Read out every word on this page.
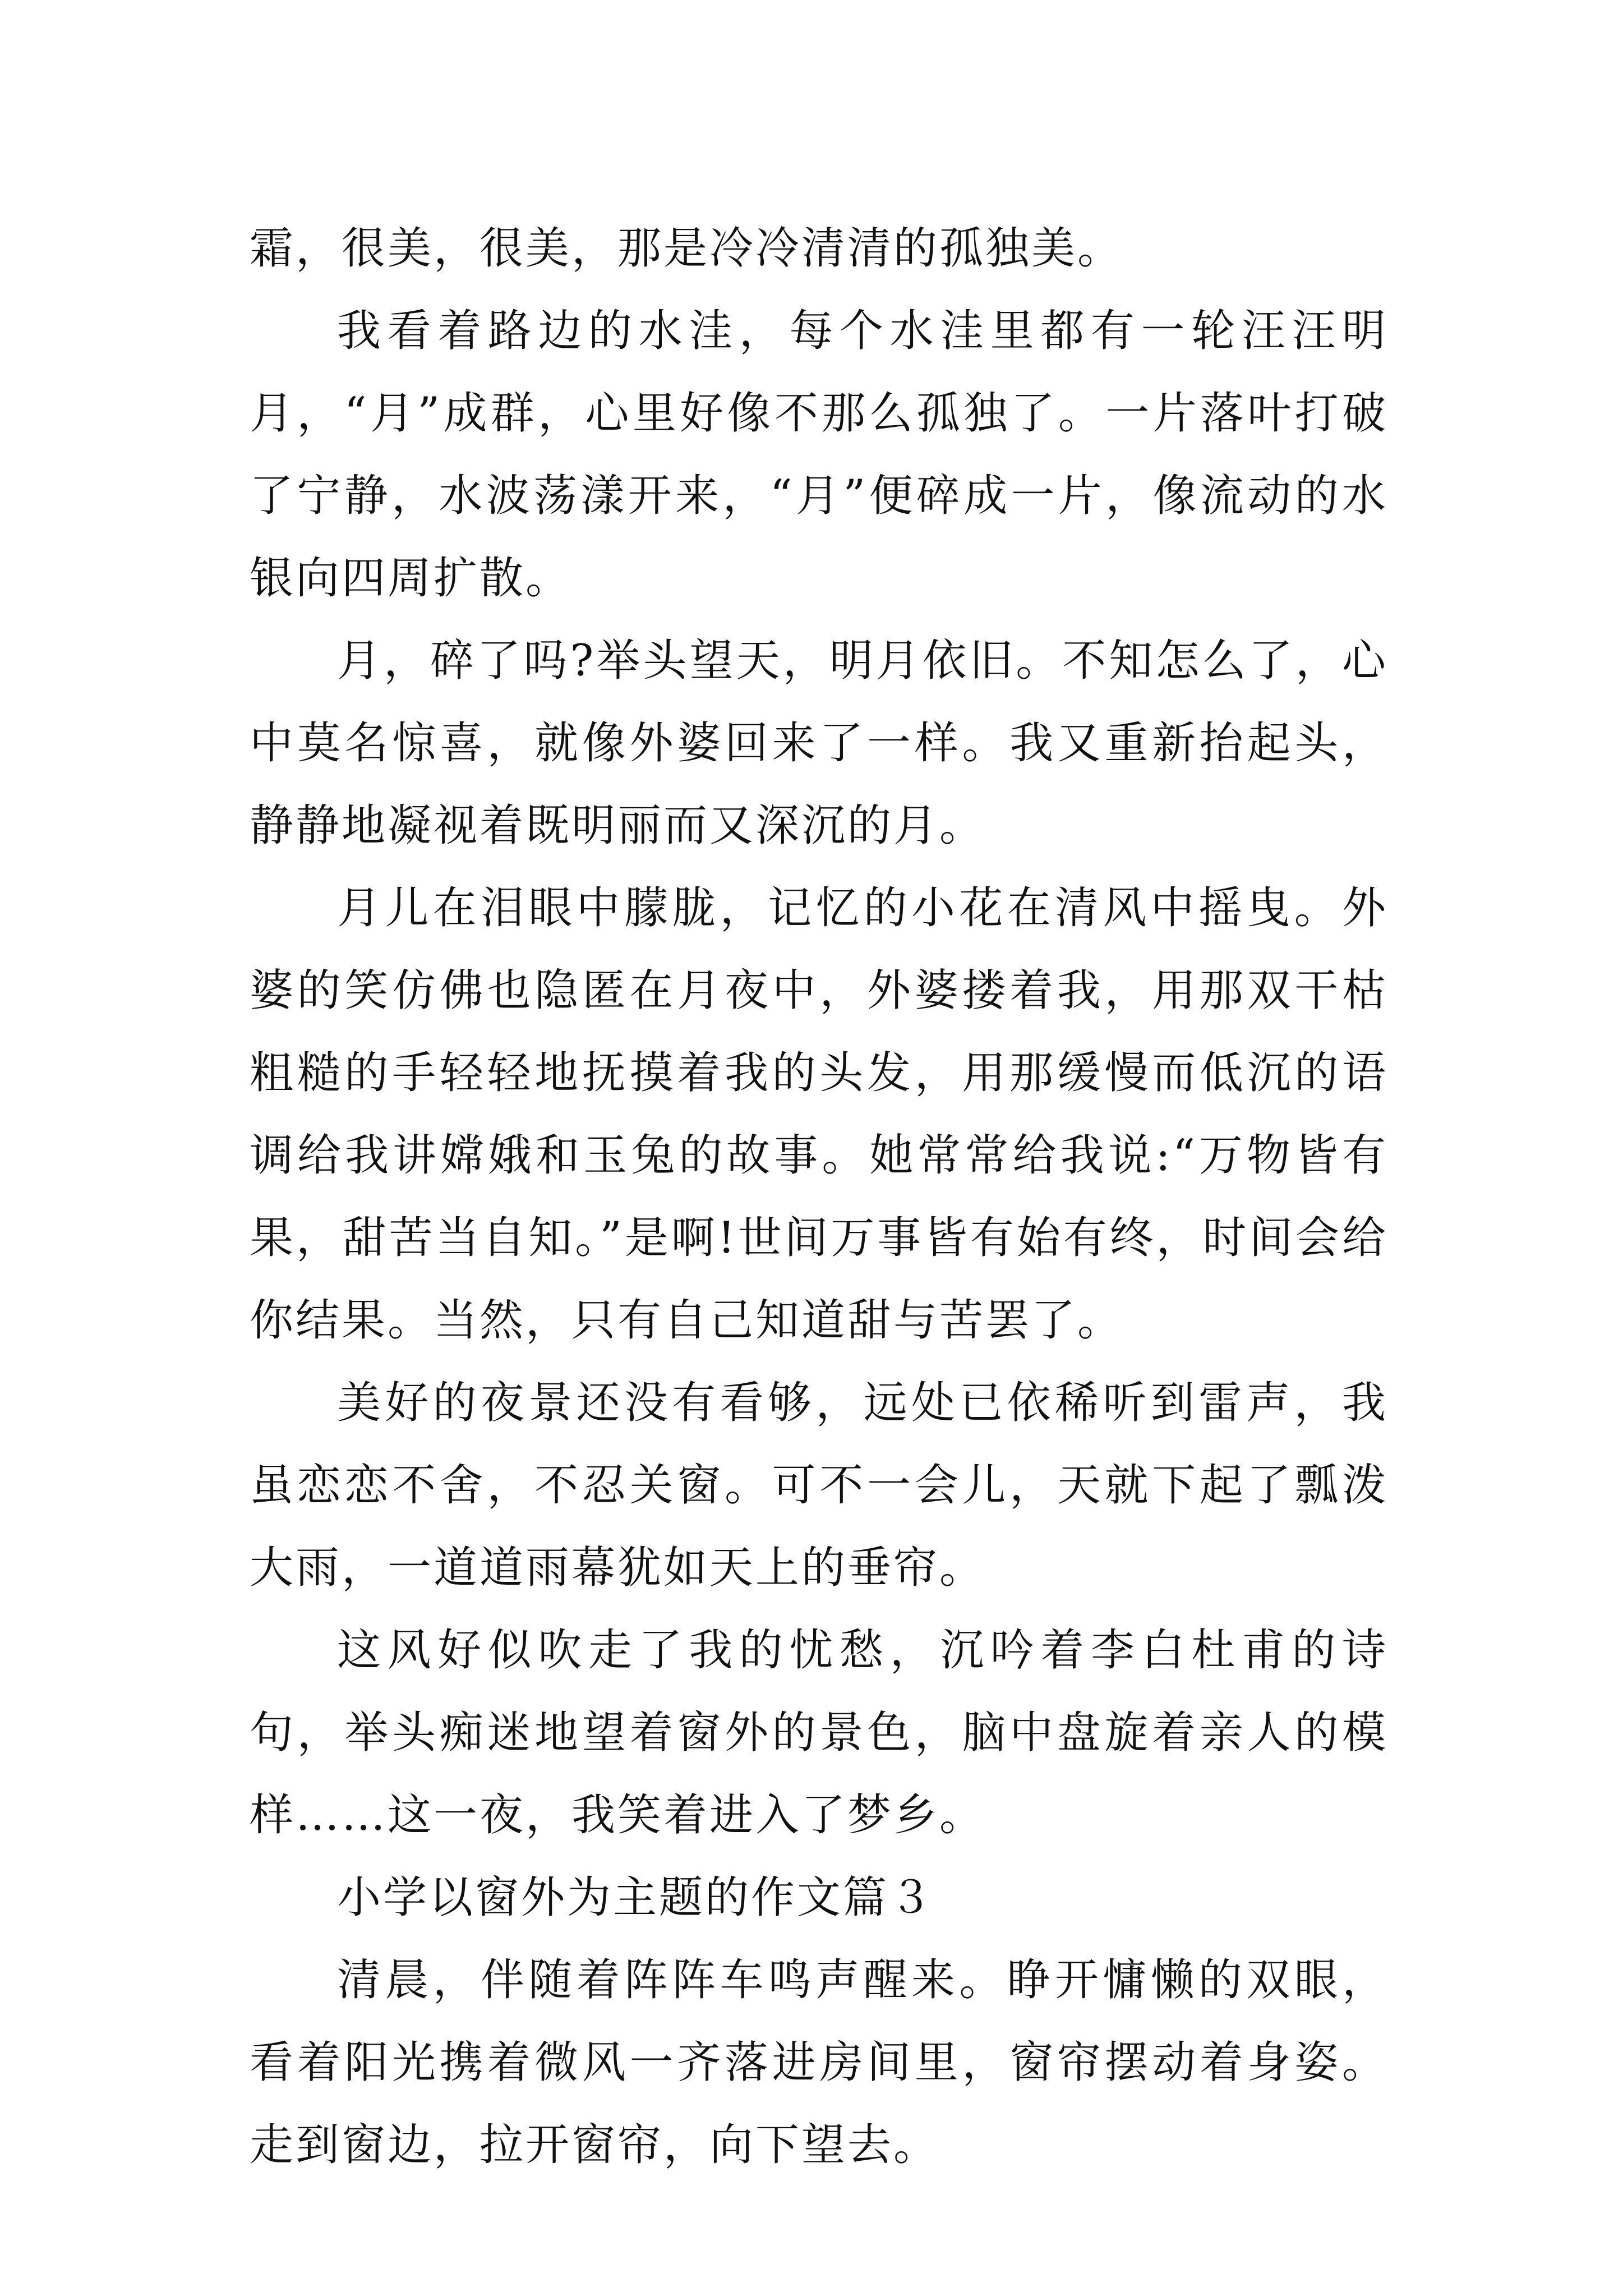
霜，很美，很美，那是冷冷清清的孤独美。

我看着路边的水洼，每个水洼里都有一轮汪汪明月，“月”成群，心里好像不那么孤独了。一片落叶打破了宁静，水波荡漾开来，“月”便碎成一片，像流动的水银向四周扩散。

月，碎了吗?举头望天，明月依旧。不知怎么了，心中莫名惊喜，就像外婆回来了一样。我又重新抬起头，静静地凝视着既明丽而又深沉的月。

月儿在泪眼中朦胧，记忆的小花在清风中摇曳。外婆的笑仿佛也隐匿在月夜中，外婆搂着我，用那双干枯粗糙的手轻轻地抚摸着我的头发，用那缓慢而低沉的语调给我讲嫦娥和玉兔的故事。她常常给我说:“万物皆有果，甜苦当自知。”是啊!世间万事皆有始有终，时间会给你结果。当然，只有自己知道甜与苦罢了。

美好的夜景还没有看够，远处已依稀听到雷声，我虽恋恋不舍，不忍关窗。可不一会儿，天就下起了瓢泼大雨，一道道雨幕犹如天上的垂帘。

这风好似吹走了我的忧愁，沉吟着李白杜甫的诗句，举头痴迷地望着窗外的景色，脑中盘旋着亲人的模样……这一夜，我笑着进入了梦乡。

小学以窗外为主题的作文篇３

清晨，伴随着阵阵车鸣声醒来。睁开慵懒的双眼，看着阳光携着微风一齐落进房间里，窗帘摆动着身姿。走到窗边，拉开窗帘，向下望去。
